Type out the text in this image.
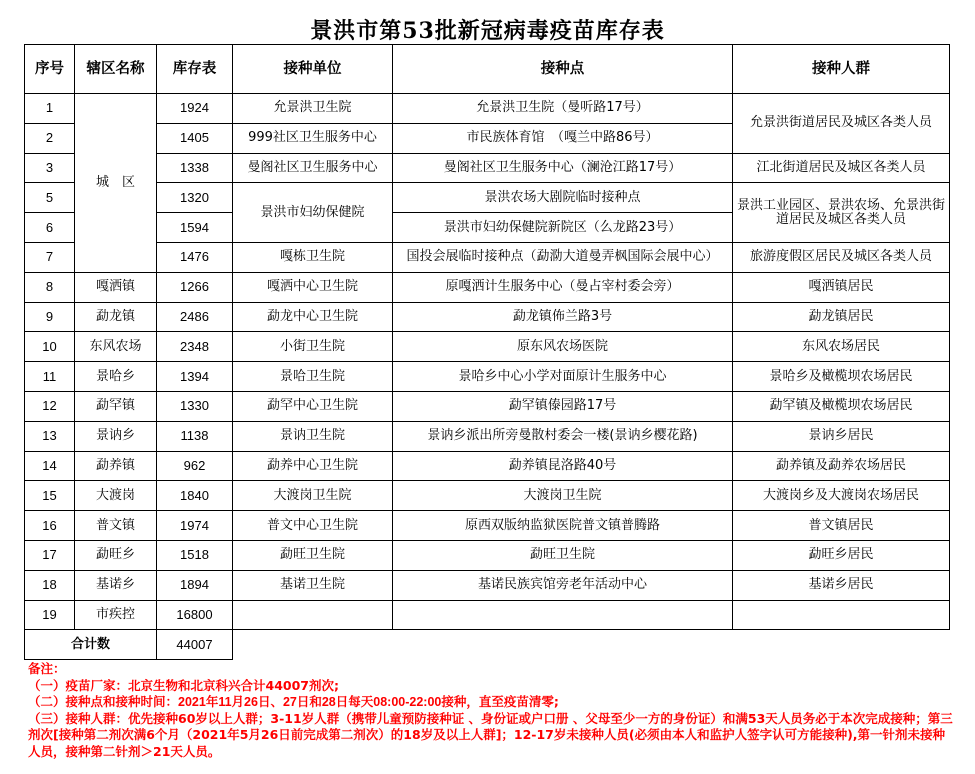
景洪市第53批新冠病毒疫苗库存表
序号	辖区名称	库存表	接种单位	接种点	接种人群
1	城　区	1924	允景洪卫生院	允景洪卫生院（曼听路17号）	允景洪街道居民及城区各类人员
2		1405	999社区卫生服务中心	市民族体育馆　（嘎兰中路86号）	
3		1338	曼阁社区卫生服务中心	曼阁社区卫生服务中心（澜沧江路17号）	江北街道居民及城区各类人员
5		1320	景洪市妇幼保健院	景洪农场大剧院临时接种点	景洪工业园区、景洪农场、允景洪街道居民及城区各类人员
6		1594		景洪市妇幼保健院新院区（么龙路23号）	
7		1476	嘎栋卫生院	国投会展临时接种点（勐泐大道曼弄枫国际会展中心）	旅游度假区居民及城区各类人员
8	嘎洒镇	1266	嘎洒中心卫生院	原嘎洒计生服务中心（曼占宰村委会旁）	嘎洒镇居民
9	勐龙镇	2486	勐龙中心卫生院	勐龙镇佈兰路3号	勐龙镇居民
10	东风农场	2348	小街卫生院	原东风农场医院	东风农场居民
11	景哈乡	1394	景哈卫生院	景哈乡中心小学对面原计生服务中心	景哈乡及橄榄坝农场居民
12	勐罕镇	1330	勐罕中心卫生院	勐罕镇傣园路17号	勐罕镇及橄榄坝农场居民
13	景讷乡	1138	景讷卫生院	景讷乡派出所旁曼散村委会一楼(景讷乡樱花路)	景讷乡居民
14	勐养镇	962	勐养中心卫生院	勐养镇昆洛路40号	勐养镇及勐养农场居民
15	大渡岗	1840	大渡岗卫生院	大渡岗卫生院	大渡岗乡及大渡岗农场居民
16	普文镇	1974	普文中心卫生院	原西双版纳监狱医院普文镇普腾路	普文镇居民
17	勐旺乡	1518	勐旺卫生院	勐旺卫生院	勐旺乡居民
18	基诺乡	1894	基诺卫生院	基诺民族宾馆旁老年活动中心	基诺乡居民
19	市疾控	16800			
合计数		44007			
备注：
（一）疫苗厂家：北京生物和北京科兴合计44007剂次;
（二）接种点和接种时间：2021年11月26日、27日和28日每天08:00-22:00接种，直至疫苗清零;
（三）接种人群：优先接种60岁以上人群；3-11岁人群（携带儿童预防接种证 、身份证或户口册 、父母至少一方的身份证）和满53天人员务必于本次完成接种；第三剂次[接种第二剂次满6个月（2021年5月26日前完成第二剂次）的18岁及以上人群]；12-17岁未接种人员(必须由本人和监护人签字认可方能接种),第一针剂未接种人员，接种第二针剂＞21天人员。
